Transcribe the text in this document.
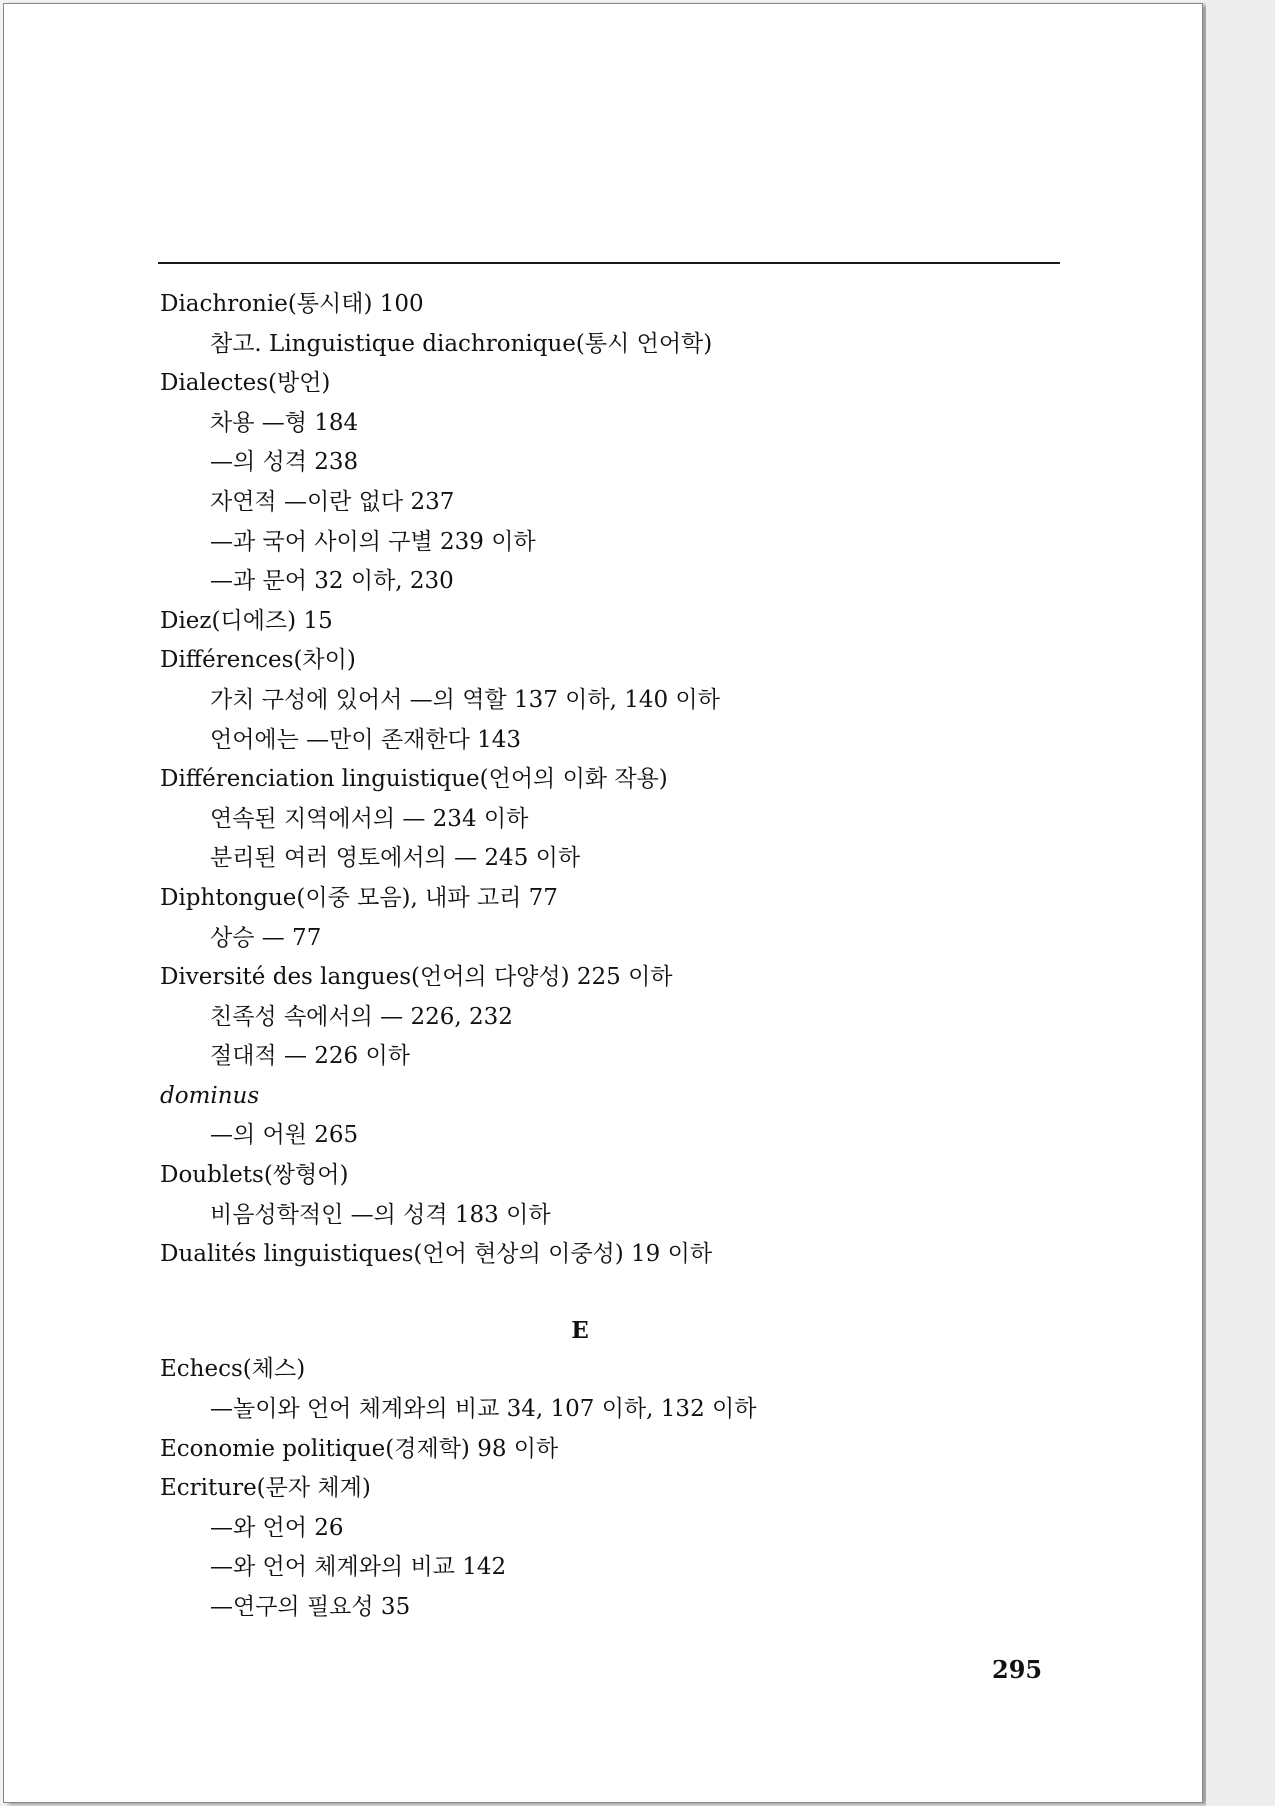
Diachronie(통시태) 100
참고. Linguistique diachronique(통시 언어학)
Dialectes(방언)
차용 —형 184
—의 성격 238
자연적 —이란 없다 237
—과 국어 사이의 구별 239 이하
—과 문어 32 이하, 230
Diez(디에즈) 15
Différences(차이)
가치 구성에 있어서 —의 역할 137 이하, 140 이하
언어에는 —만이 존재한다 143
Différenciation linguistique(언어의 이화 작용)
연속된 지역에서의 — 234 이하
분리된 여러 영토에서의 — 245 이하
Diphtongue(이중 모음), 내파 고리 77
상승 — 77
Diversité des langues(언어의 다양성) 225 이하
친족성 속에서의 — 226, 232
절대적 — 226 이하
dominus
—의 어원 265
Doublets(쌍형어)
비음성학적인 —의 성격 183 이하
Dualités linguistiques(언어 현상의 이중성) 19 이하
E
Echecs(체스)
—놀이와 언어 체계와의 비교 34, 107 이하, 132 이하
Economie politique(경제학) 98 이하
Ecriture(문자 체계)
—와 언어 26
—와 언어 체계와의 비교 142
—연구의 필요성 35
295
